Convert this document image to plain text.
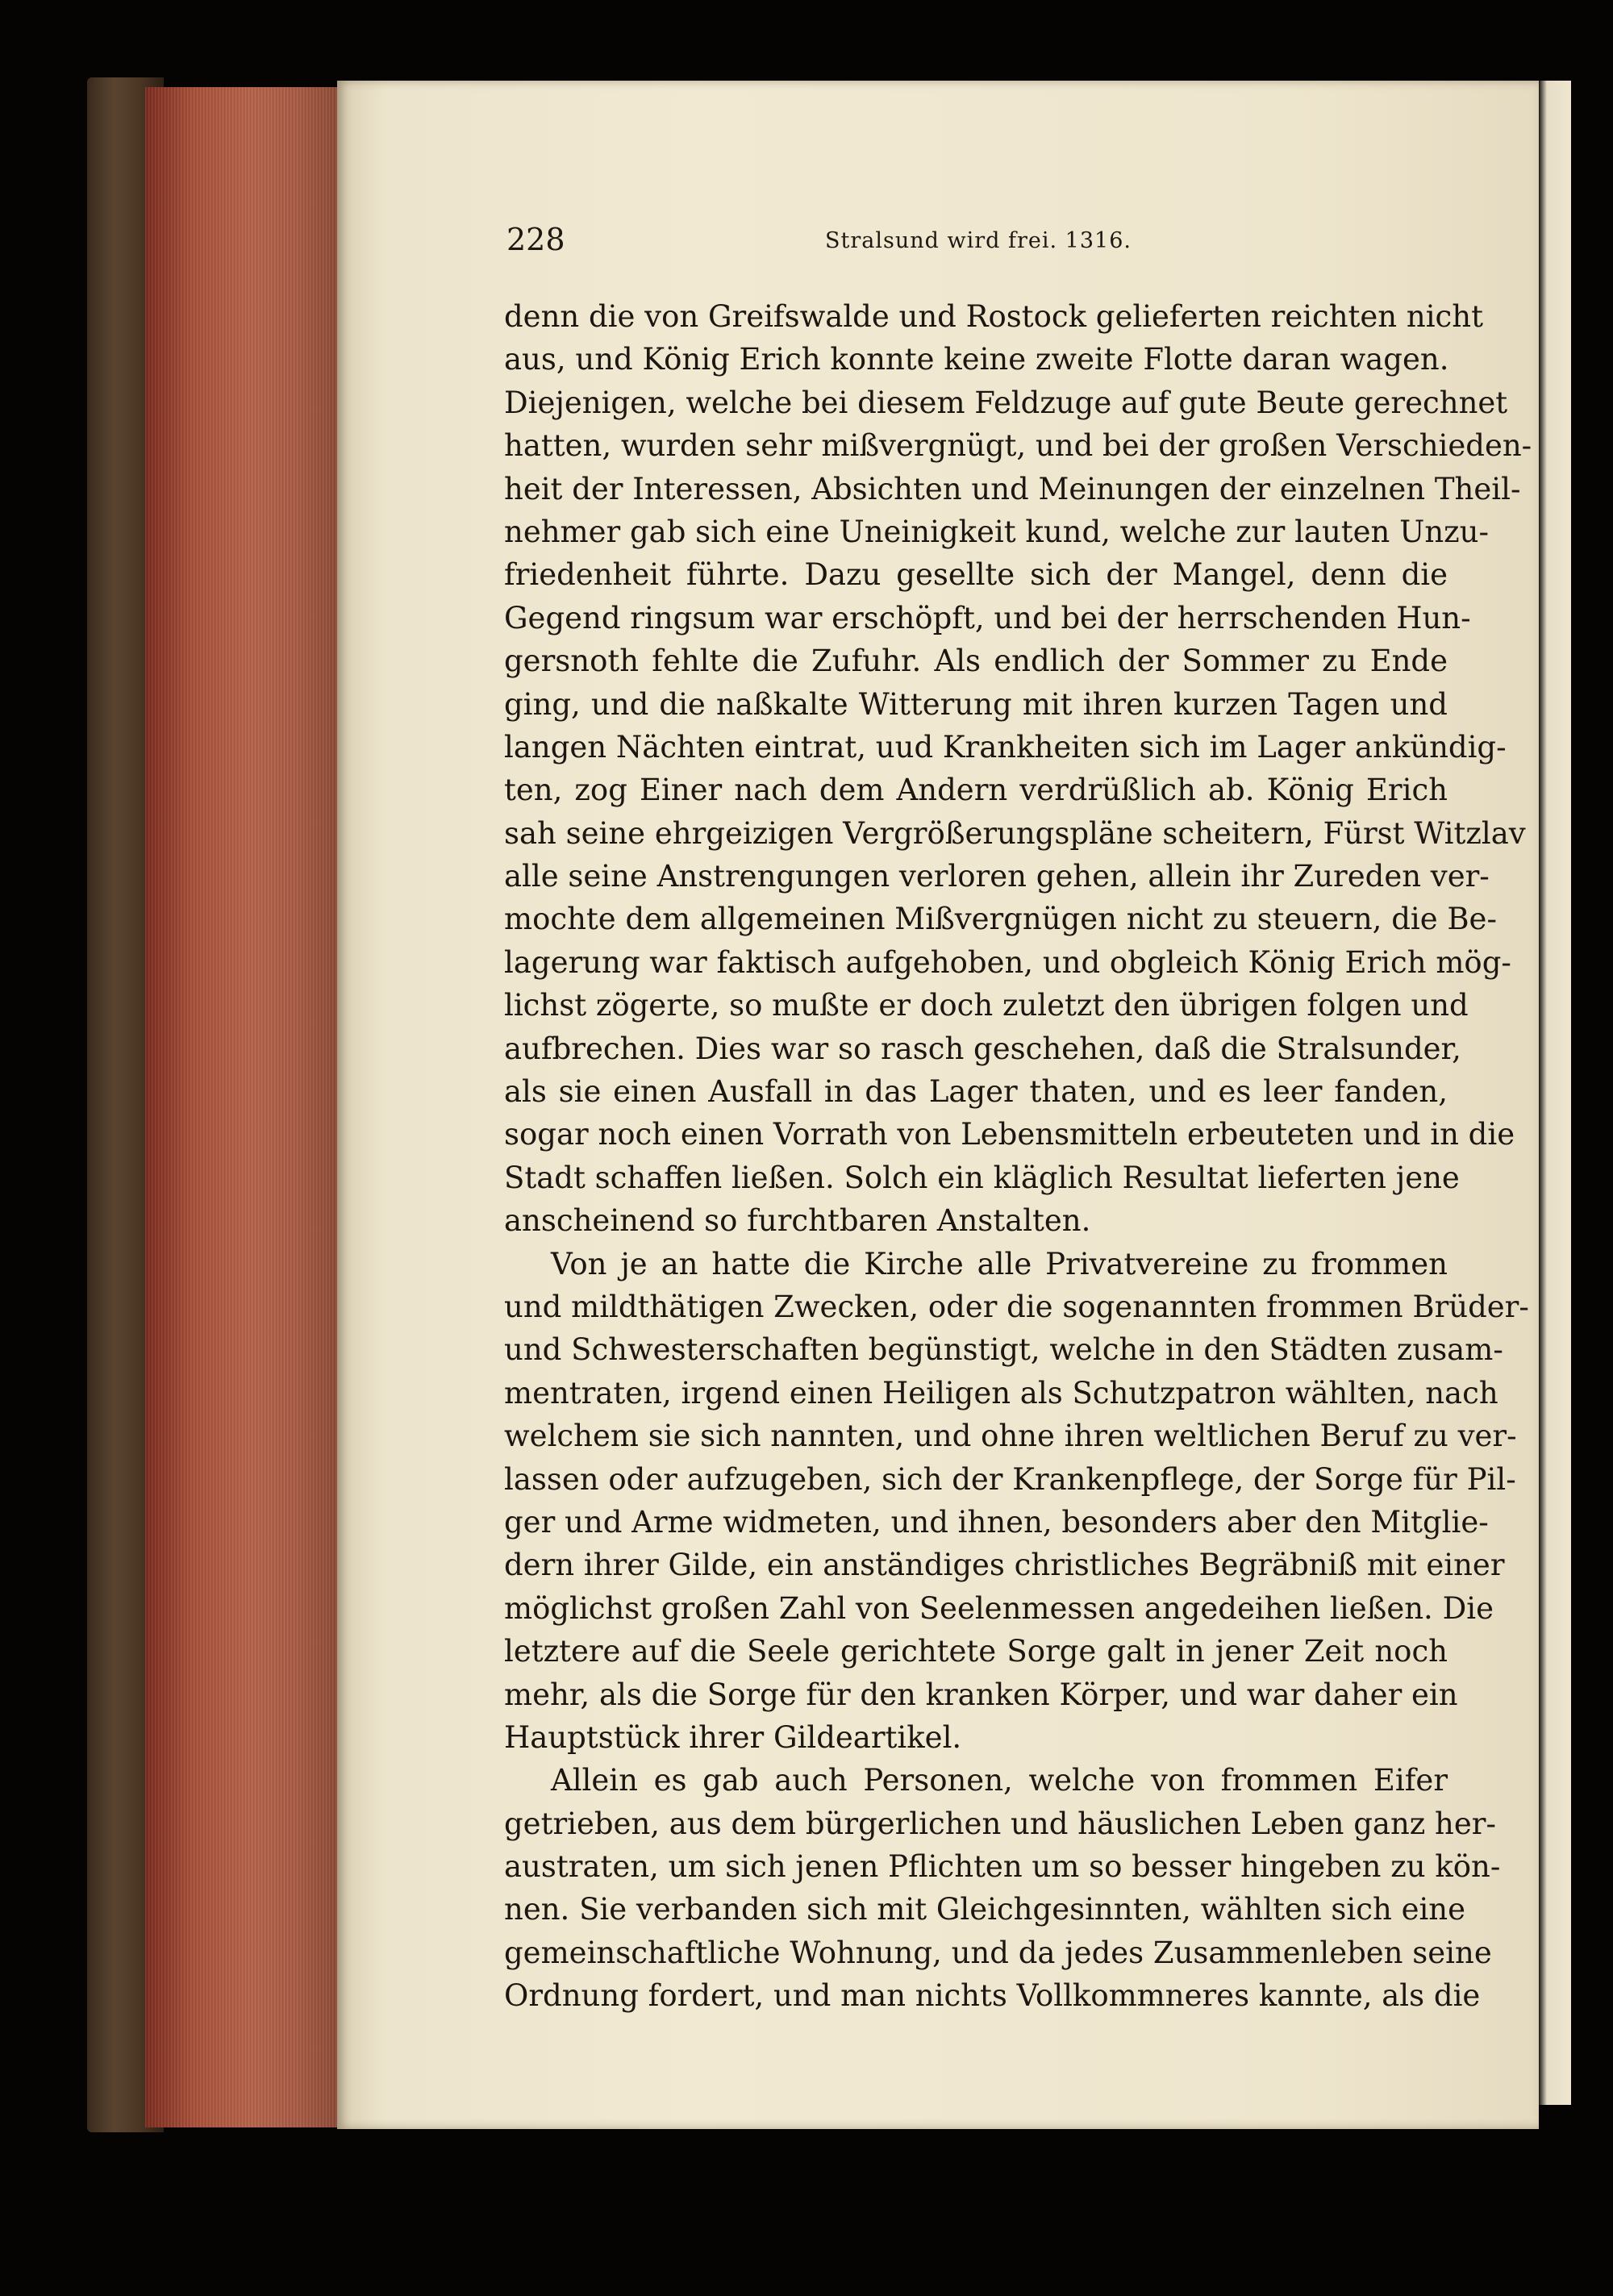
228	Stralsund wird frei. 1316.
denn die von Greifswalde und Rostock gelieferten reichten nicht
aus, und König Erich konnte keine zweite Flotte daran wagen.
Diejenigen, welche bei diesem Feldzuge auf gute Beute gerechnet
hatten, wurden sehr mißvergnügt, und bei der großen Verschieden-
heit der Interessen, Absichten und Meinungen der einzelnen Theil-
nehmer gab sich eine Uneinigkeit kund, welche zur lauten Unzu-
friedenheit führte. Dazu gesellte sich der Mangel, denn die
Gegend ringsum war erschöpft, und bei der herrschenden Hun-
gersnoth fehlte die Zufuhr. Als endlich der Sommer zu Ende
ging, und die naßkalte Witterung mit ihren kurzen Tagen und
langen Nächten eintrat, uud Krankheiten sich im Lager ankündig-
ten, zog Einer nach dem Andern verdrüßlich ab. König Erich
sah seine ehrgeizigen Vergrößerungspläne scheitern, Fürst Witzlav
alle seine Anstrengungen verloren gehen, allein ihr Zureden ver-
mochte dem allgemeinen Mißvergnügen nicht zu steuern, die Be-
lagerung war faktisch aufgehoben, und obgleich König Erich mög-
lichst zögerte, so mußte er doch zuletzt den übrigen folgen und
aufbrechen. Dies war so rasch geschehen, daß die Stralsunder,
als sie einen Ausfall in das Lager thaten, und es leer fanden,
sogar noch einen Vorrath von Lebensmitteln erbeuteten und in die
Stadt schaffen ließen. Solch ein kläglich Resultat lieferten jene
anscheinend so furchtbaren Anstalten.
Von je an hatte die Kirche alle Privatvereine zu frommen
und mildthätigen Zwecken, oder die sogenannten frommen Brüder-
und Schwesterschaften begünstigt, welche in den Städten zusam-
mentraten, irgend einen Heiligen als Schutzpatron wählten, nach
welchem sie sich nannten, und ohne ihren weltlichen Beruf zu ver-
lassen oder aufzugeben, sich der Krankenpflege, der Sorge für Pil-
ger und Arme widmeten, und ihnen, besonders aber den Mitglie-
dern ihrer Gilde, ein anständiges christliches Begräbniß mit einer
möglichst großen Zahl von Seelenmessen angedeihen ließen. Die
letztere auf die Seele gerichtete Sorge galt in jener Zeit noch
mehr, als die Sorge für den kranken Körper, und war daher ein
Hauptstück ihrer Gildeartikel.
Allein es gab auch Personen, welche von frommen Eifer
getrieben, aus dem bürgerlichen und häuslichen Leben ganz her-
austraten, um sich jenen Pflichten um so besser hingeben zu kön-
nen. Sie verbanden sich mit Gleichgesinnten, wählten sich eine
gemeinschaftliche Wohnung, und da jedes Zusammenleben seine
Ordnung fordert, und man nichts Vollkommneres kannte, als die
